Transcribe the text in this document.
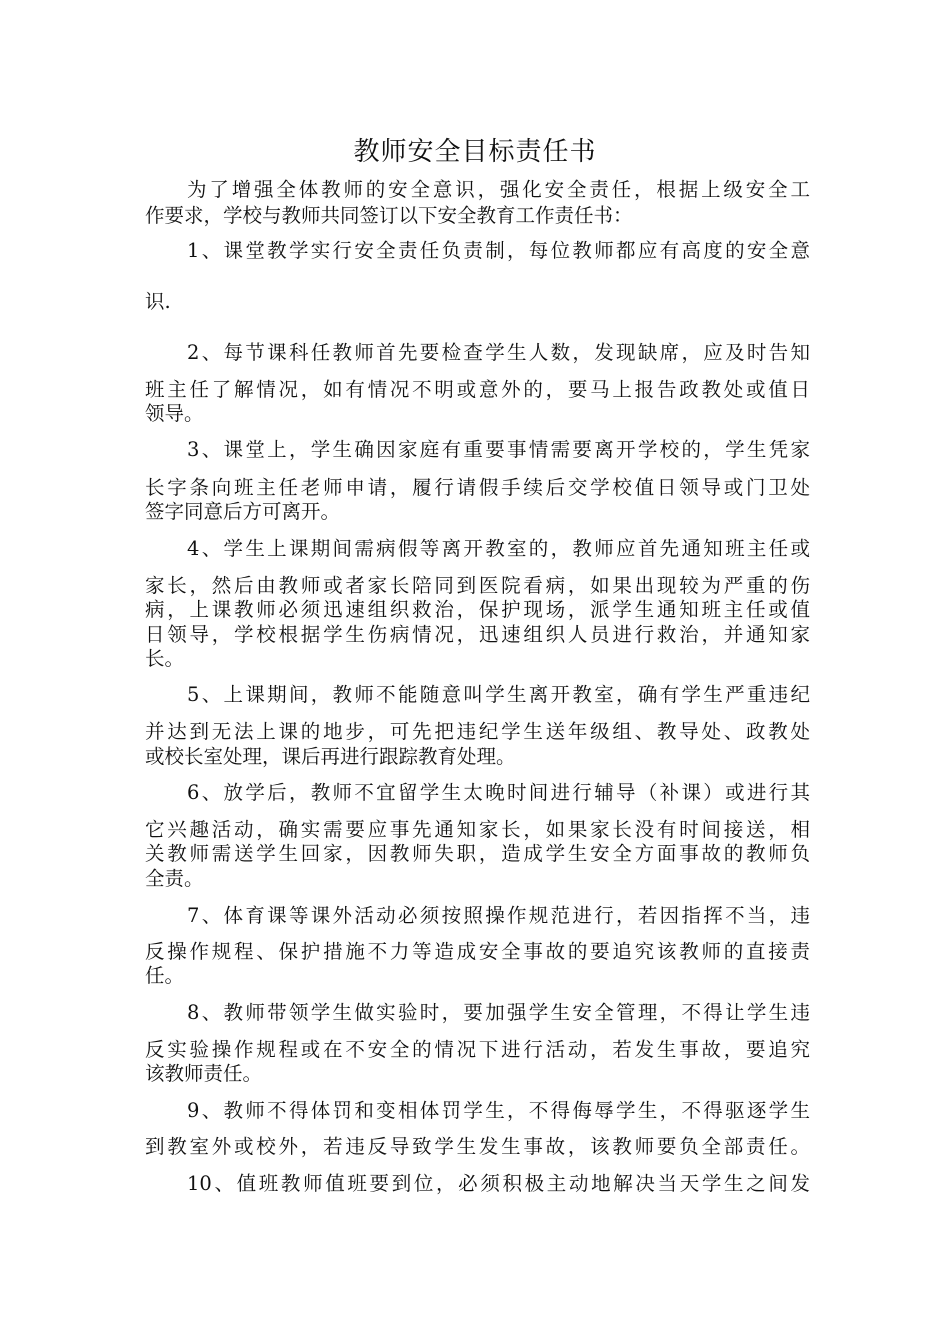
教师安全目标责任书
为了增强全体教师的安全意识，强化安全责任，根据上级安全工
作要求，学校与教师共同签订以下安全教育工作责任书：
1、课堂教学实行安全责任负责制，每位教师都应有高度的安全意
识.
2、每节课科任教师首先要检查学生人数，发现缺席，应及时告知
班主任了解情况，如有情况不明或意外的，要马上报告政教处或值日
领导。
3、课堂上，学生确因家庭有重要事情需要离开学校的，学生凭家
长字条向班主任老师申请，履行请假手续后交学校值日领导或门卫处
签字同意后方可离开。
4、学生上课期间需病假等离开教室的，教师应首先通知班主任或
家长，然后由教师或者家长陪同到医院看病，如果出现较为严重的伤
病，上课教师必须迅速组织救治，保护现场，派学生通知班主任或值
日领导，学校根据学生伤病情况，迅速组织人员进行救治，并通知家
长。
5、上课期间，教师不能随意叫学生离开教室，确有学生严重违纪
并达到无法上课的地步，可先把违纪学生送年级组、教导处、政教处
或校长室处理，课后再进行跟踪教育处理。
6、放学后，教师不宜留学生太晚时间进行辅导（补课）或进行其
它兴趣活动，确实需要应事先通知家长，如果家长没有时间接送，相
关教师需送学生回家，因教师失职，造成学生安全方面事故的教师负
全责。
7、体育课等课外活动必须按照操作规范进行，若因指挥不当，违
反操作规程、保护措施不力等造成安全事故的要追究该教师的直接责
任。
8、教师带领学生做实验时，要加强学生安全管理，不得让学生违
反实验操作规程或在不安全的情况下进行活动，若发生事故，要追究
该教师责任。
9、教师不得体罚和变相体罚学生，不得侮辱学生，不得驱逐学生
到教室外或校外，若违反导致学生发生事故，该教师要负全部责任。
10、值班教师值班要到位，必须积极主动地解决当天学生之间发
